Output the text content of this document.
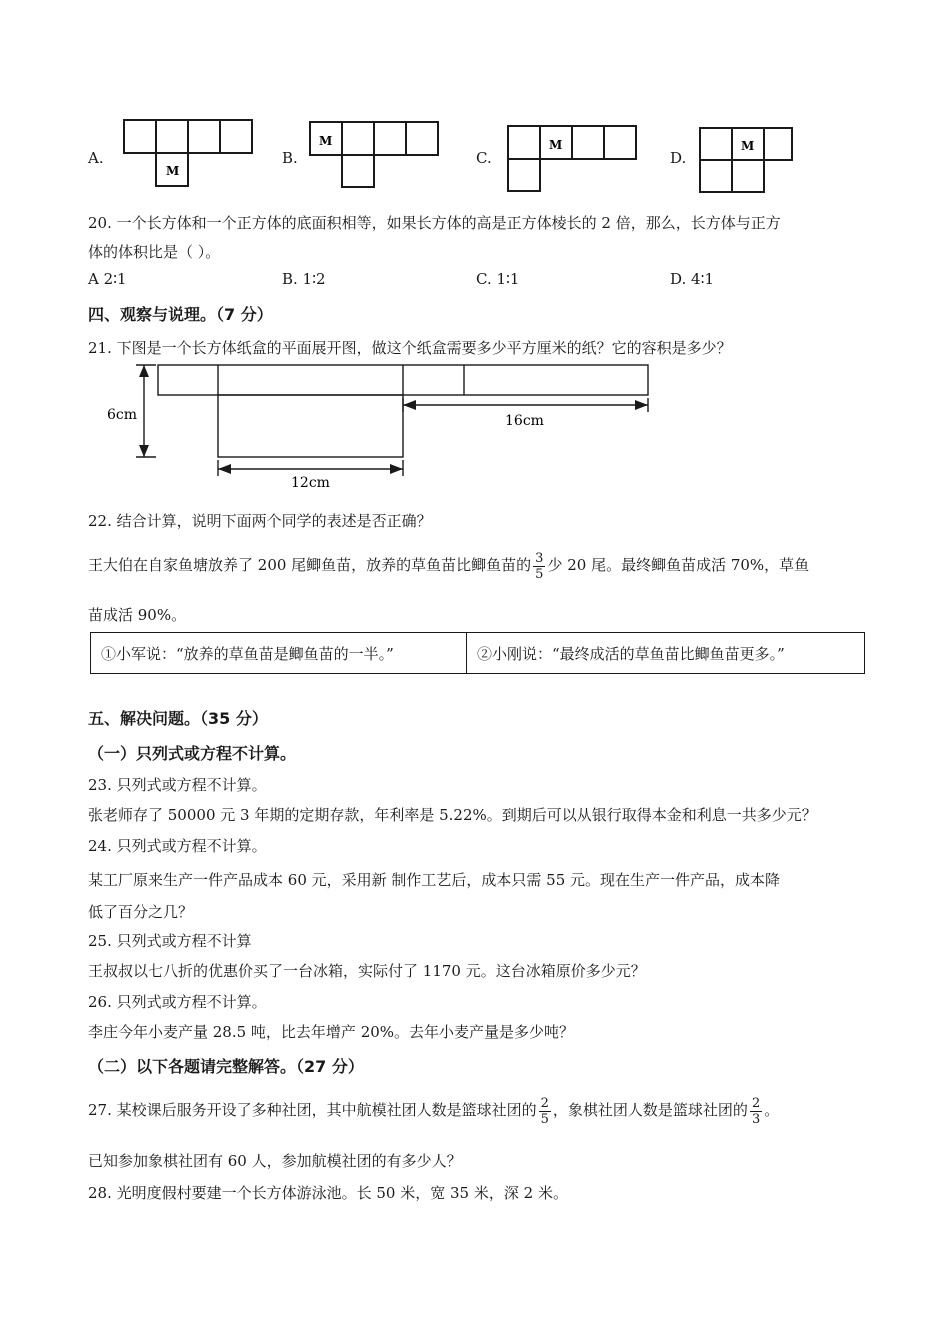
A.
M
B.
M
C.
M
D.
M
20. 一个长方体和一个正方体的底面积相等，如果长方体的高是正方体棱长的 2 倍，那么，长方体与正方
体的体积比是（ ）。
A 2∶1	B. 1∶2	C. 1∶1	D. 4∶1
四、观察与说理。（7 分）
21. 下图是一个长方体纸盒的平面展开图，做这个纸盒需要多少平方厘米的纸？它的容积是多少？
6cm	16cm
12cm
22. 结合计算，说明下面两个同学的表述是否正确？
王大伯在自家鱼塘放养了 200 尾鲫鱼苗，放养的草鱼苗比鲫鱼苗的 $\frac{3}{5}$ 少 20 尾。最终鲫鱼苗成活 70%，草鱼
苗成活 90%。
①小军说：“放养的草鱼苗是鲫鱼苗的一半。”	②小刚说：“最终成活的草鱼苗比鲫鱼苗更多。”
五、解决问题。（35 分）
（一）只列式或方程不计算。
23. 只列式或方程不计算。
张老师存了 50000 元 3 年期的定期存款，年利率是 5.22%。到期后可以从银行取得本金和利息一共多少元？
24. 只列式或方程不计算。
某工厂原来生产一件产品成本 60 元，采用新 制作工艺后，成本只需 55 元。现在生产一件产品，成本降
低了百分之几？
25. 只列式或方程不计算
王叔叔以七八折的优惠价买了一台冰箱，实际付了 1170 元。这台冰箱原价多少元？
26. 只列式或方程不计算。
李庄今年小麦产量 28.5 吨，比去年增产 20%。去年小麦产量是多少吨？
（二）以下各题请完整解答。（27 分）
27. 某校课后服务开设了多种社团，其中航模社团人数是篮球社团的 $\frac{2}{5}$ ，象棋社团人数是篮球社团的 $\frac{2}{3}$ 。
已知参加象棋社团有 60 人，参加航模社团的有多少人？
28. 光明度假村要建一个长方体游泳池。长 50 米，宽 35 米，深 2 米。
